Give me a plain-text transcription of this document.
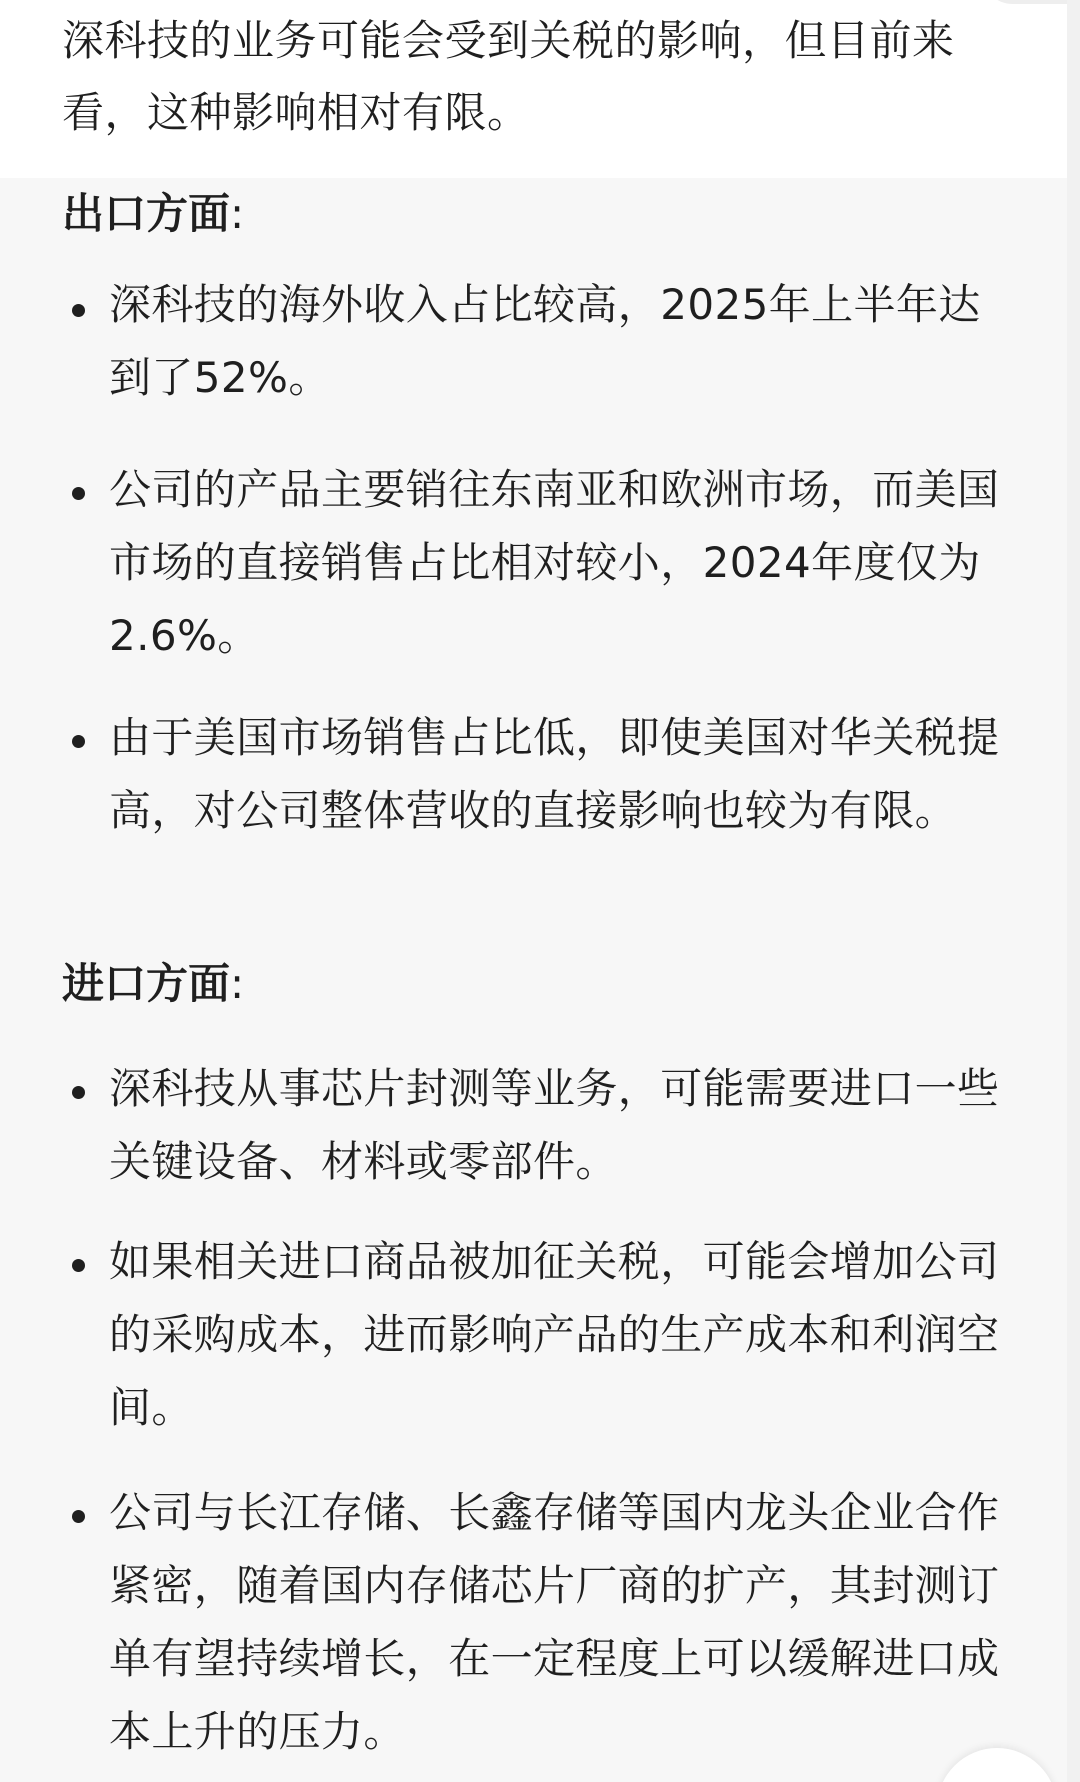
深科技的业务可能会受到关税的影响，但目前来看，这种影响相对有限。
出口方面:
深科技的海外收入占比较高，2025年上半年达到了52%。
公司的产品主要销往东南亚和欧洲市场，而美国市场的直接销售占比相对较小，2024年度仅为2.6%。
由于美国市场销售占比低，即使美国对华关税提高，对公司整体营收的直接影响也较为有限。
进口方面:
深科技从事芯片封测等业务，可能需要进口一些关键设备、材料或零部件。
如果相关进口商品被加征关税，可能会增加公司的采购成本，进而影响产品的生产成本和利润空间。
公司与长江存储、长鑫存储等国内龙头企业合作紧密，随着国内存储芯片厂商的扩产，其封测订单有望持续增长，在一定程度上可以缓解进口成本上升的压力。
